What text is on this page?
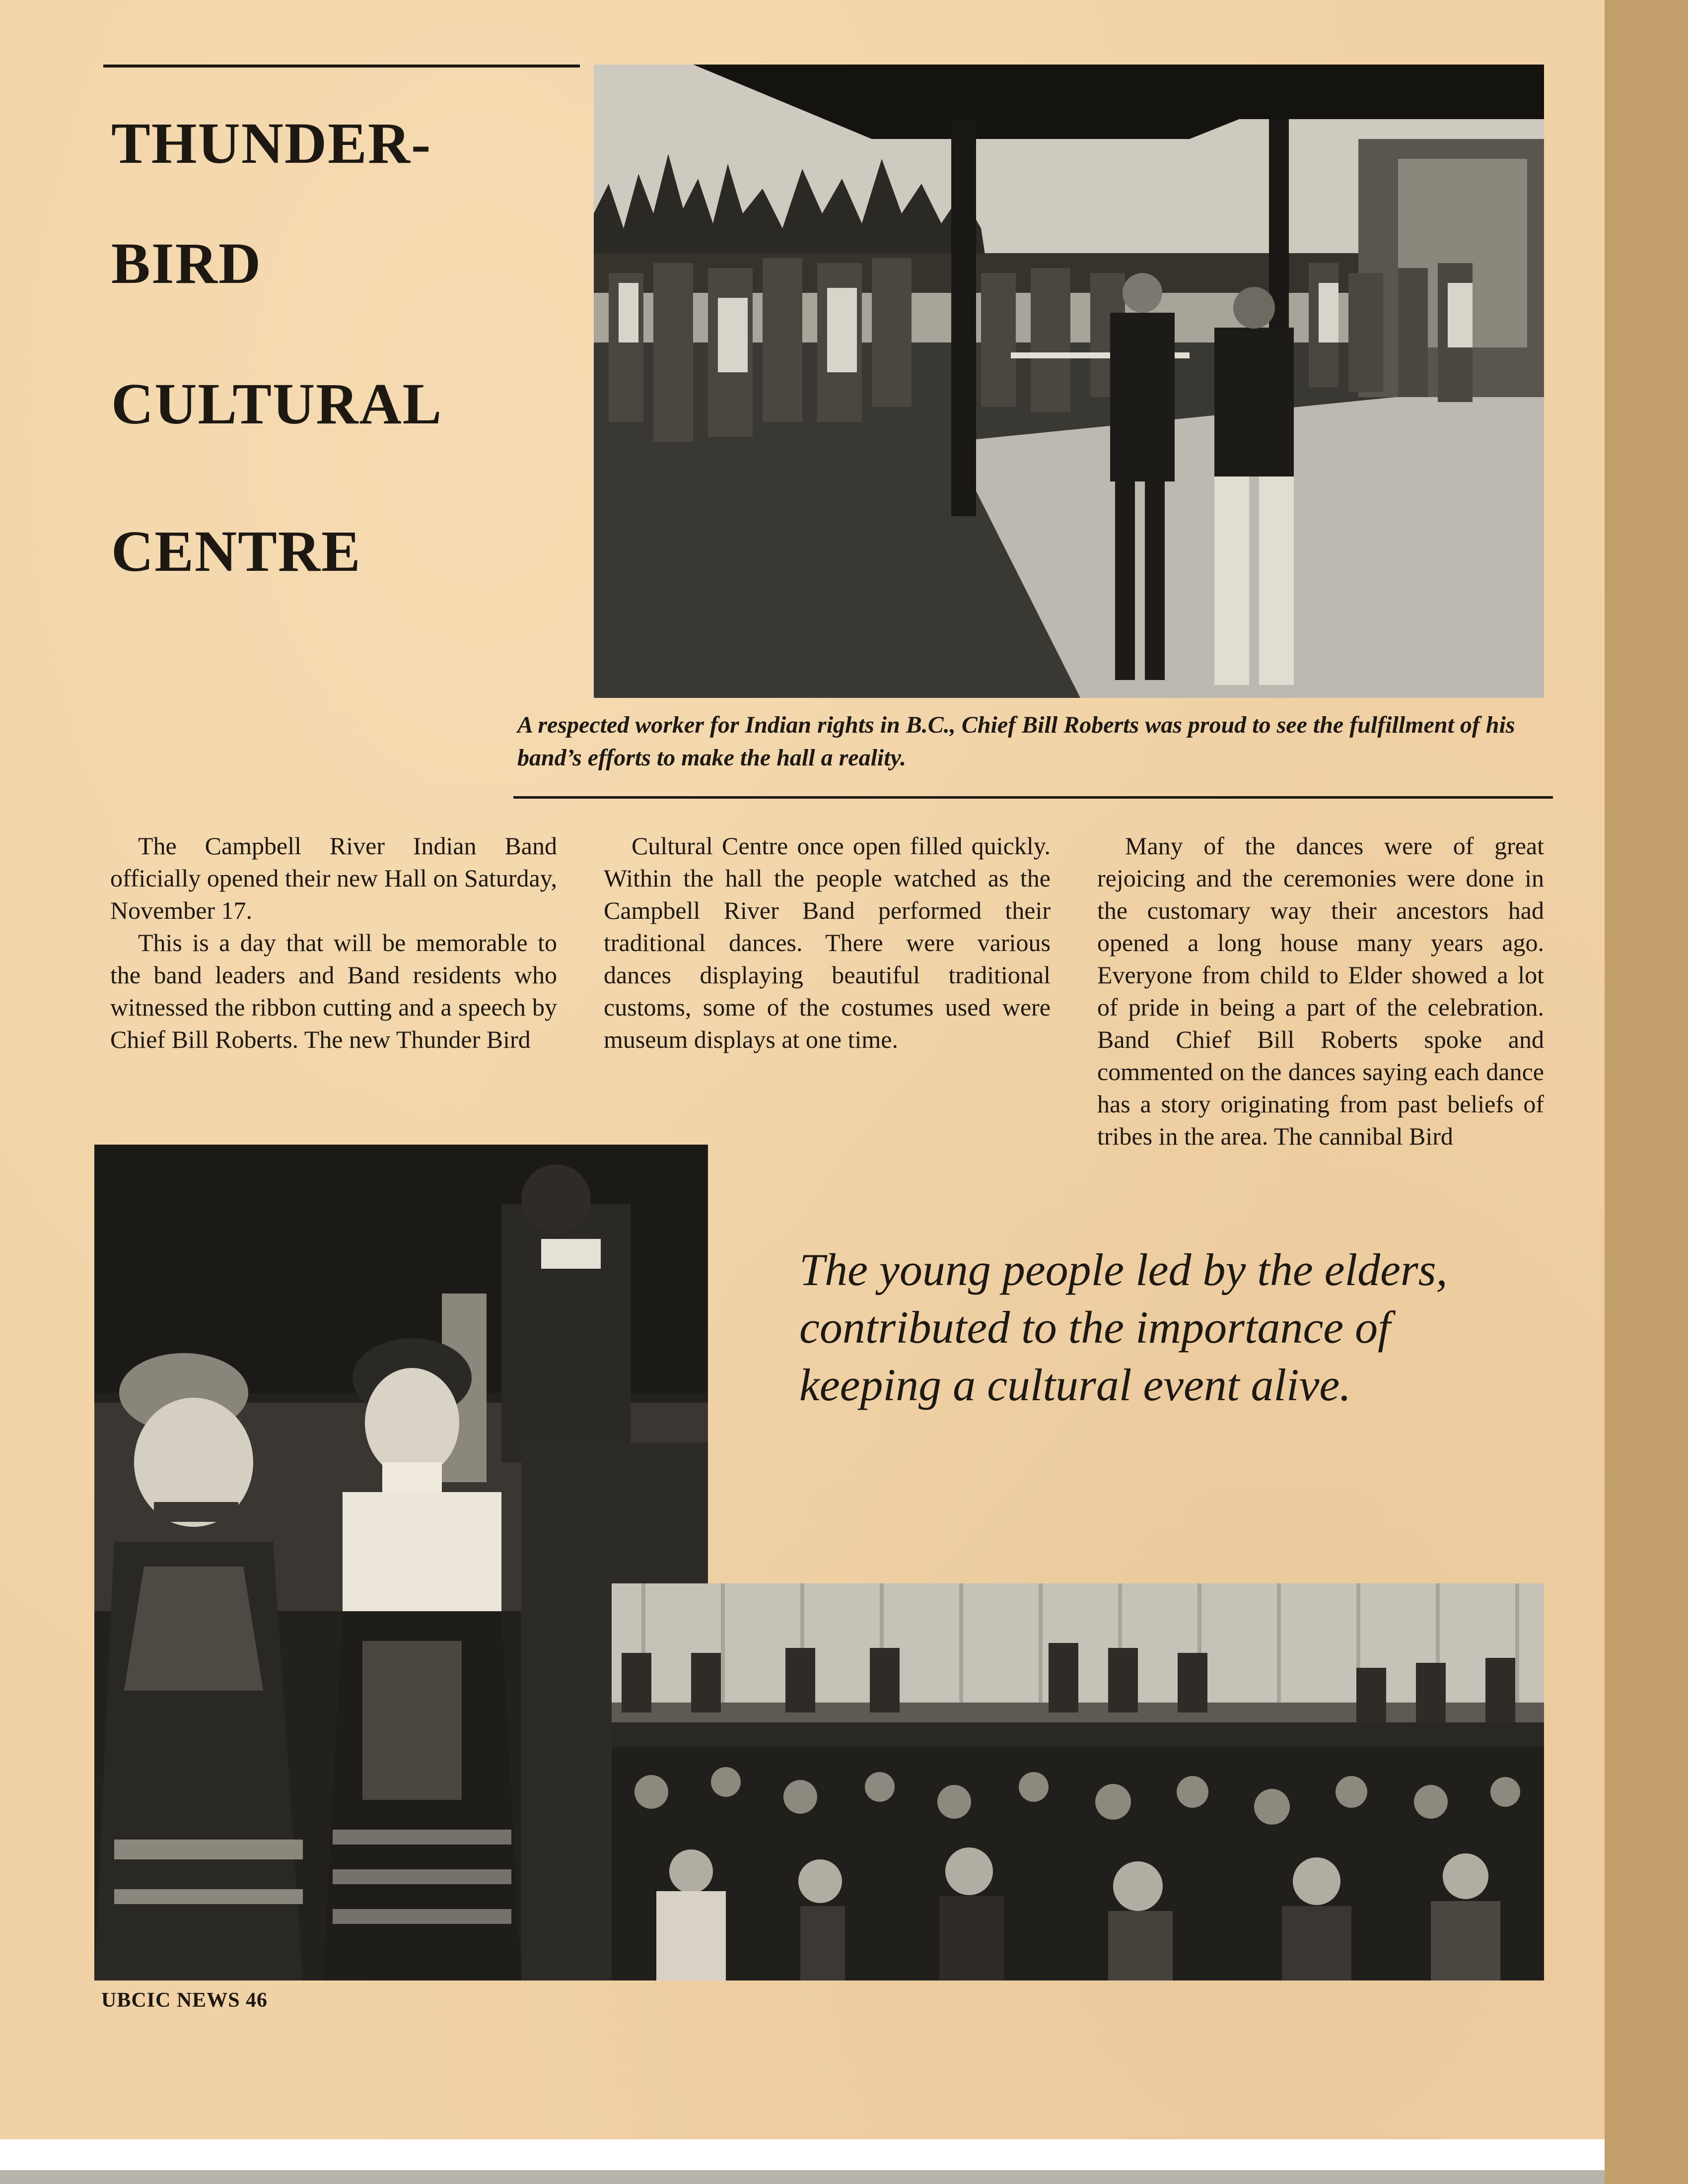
THUNDER-
BIRD
CULTURAL
CENTRE

A respected worker for Indian rights in B.C., Chief Bill Roberts was proud to see the fulfillment of his band’s efforts to make the hall a reality.

The Campbell River Indian Band officially opened their new Hall on Saturday, November 17.

This is a day that will be memorable to the band leaders and Band residents who witnessed the ribbon cutting and a speech by Chief Bill Roberts. The new Thunder Bird

Cultural Centre once open filled quickly. Within the hall the people watched as the Campbell River Band performed their traditional dances. There were various dances displaying beautiful traditional customs, some of the costumes used were museum displays at one time.

Many of the dances were of great rejoicing and the ceremonies were done in the customary way their ancestors had opened a long house many years ago. Everyone from child to Elder showed a lot of pride in being a part of the celebration. Band Chief Bill Roberts spoke and commented on the dances saying each dance has a story originating from past beliefs of tribes in the area. The cannibal Bird

The young people led by the elders,
contributed to the importance of
keeping a cultural event alive.
UBCIC NEWS 46
